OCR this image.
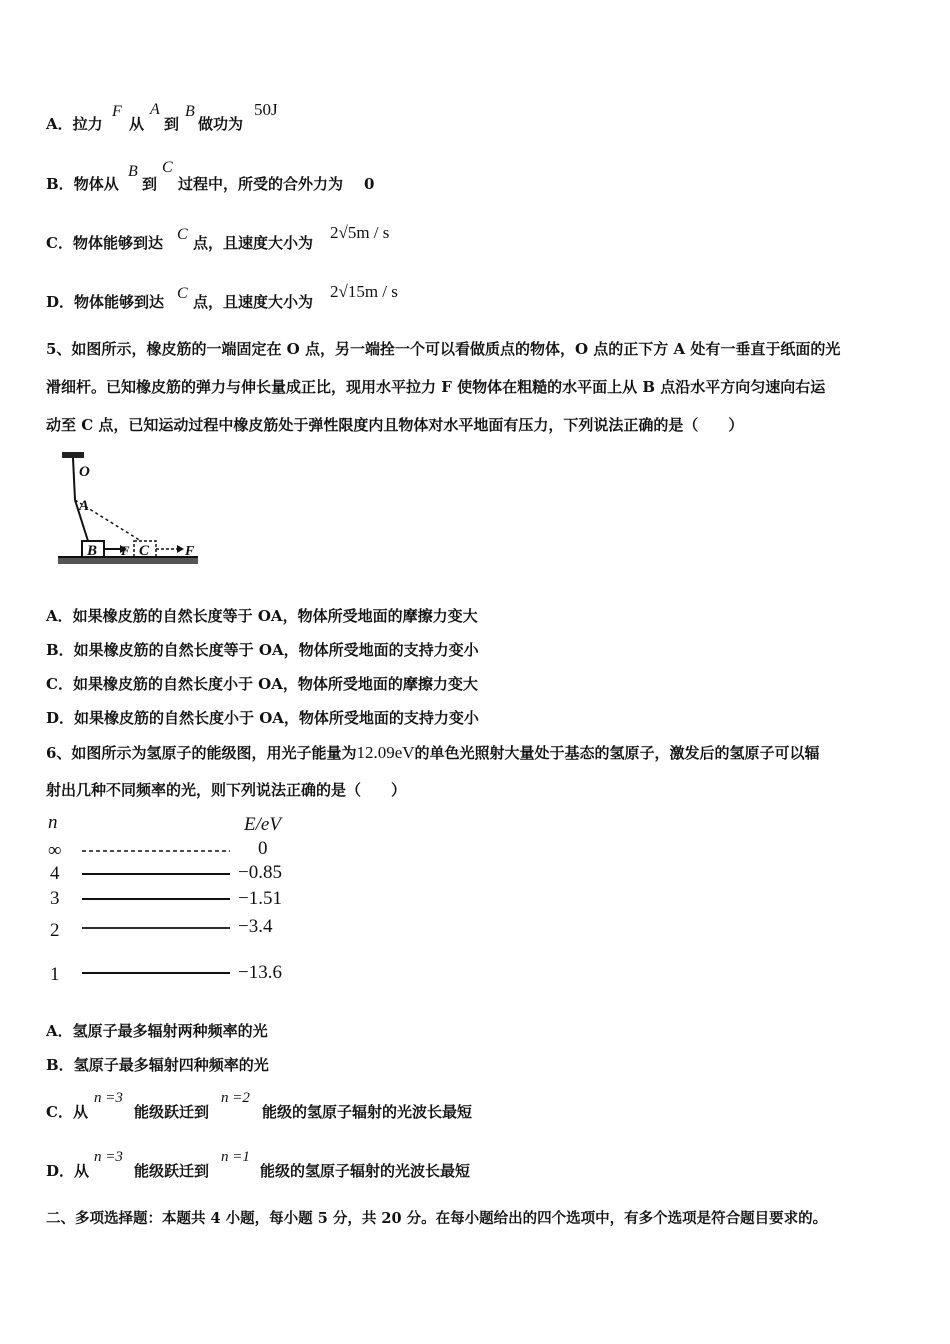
A．拉力
F
从
A
到
B
做功为
50J
B．物体从
B
到
C
过程中，所受的合外力为 0
C．物体能够到达 C 点，且速度大小为
2√5m / s
D．物体能够到达 C 点，且速度大小为
2√15m / s
5、如图所示，橡皮筋的一端固定在 O 点，另一端拴一个可以看做质点的物体，O 点的正下方 A 处有一垂直于纸面的光
滑细杆。已知橡皮筋的弹力与伸长量成正比，现用水平拉力 F 使物体在粗糙的水平面上从 B 点沿水平方向匀速向右运
动至 C 点，已知运动过程中橡皮筋处于弹性限度内且物体对水平地面有压力，下列说法正确的是（　　）
O
A
B F C	F
A．如果橡皮筋的自然长度等于 OA，物体所受地面的摩擦力变大
B．如果橡皮筋的自然长度等于 OA，物体所受地面的支持力变小
C．如果橡皮筋的自然长度小于 OA，物体所受地面的摩擦力变大
D．如果橡皮筋的自然长度小于 OA，物体所受地面的支持力变小
6、如图所示为氢原子的能级图，用光子能量为12.09eV的单色光照射大量处于基态的氢原子，激发后的氢原子可以辐
射出几种不同频率的光，则下列说法正确的是（　　）
n	E/eV
∞	0
4	−0.85
3	−1.51
2	−3.4
1	−13.6
A．氢原子最多辐射两种频率的光
B．氢原子最多辐射四种频率的光
C．从
n =3
能级跃迁到
n =2
能级的氢原子辐射的光波长最短
D．从
n =3
能级跃迁到
n =1
能级的氢原子辐射的光波长最短
二、多项选择题：本题共 4 小题，每小题 5 分，共 20 分。在每小题给出的四个选项中，有多个选项是符合题目要求的。
